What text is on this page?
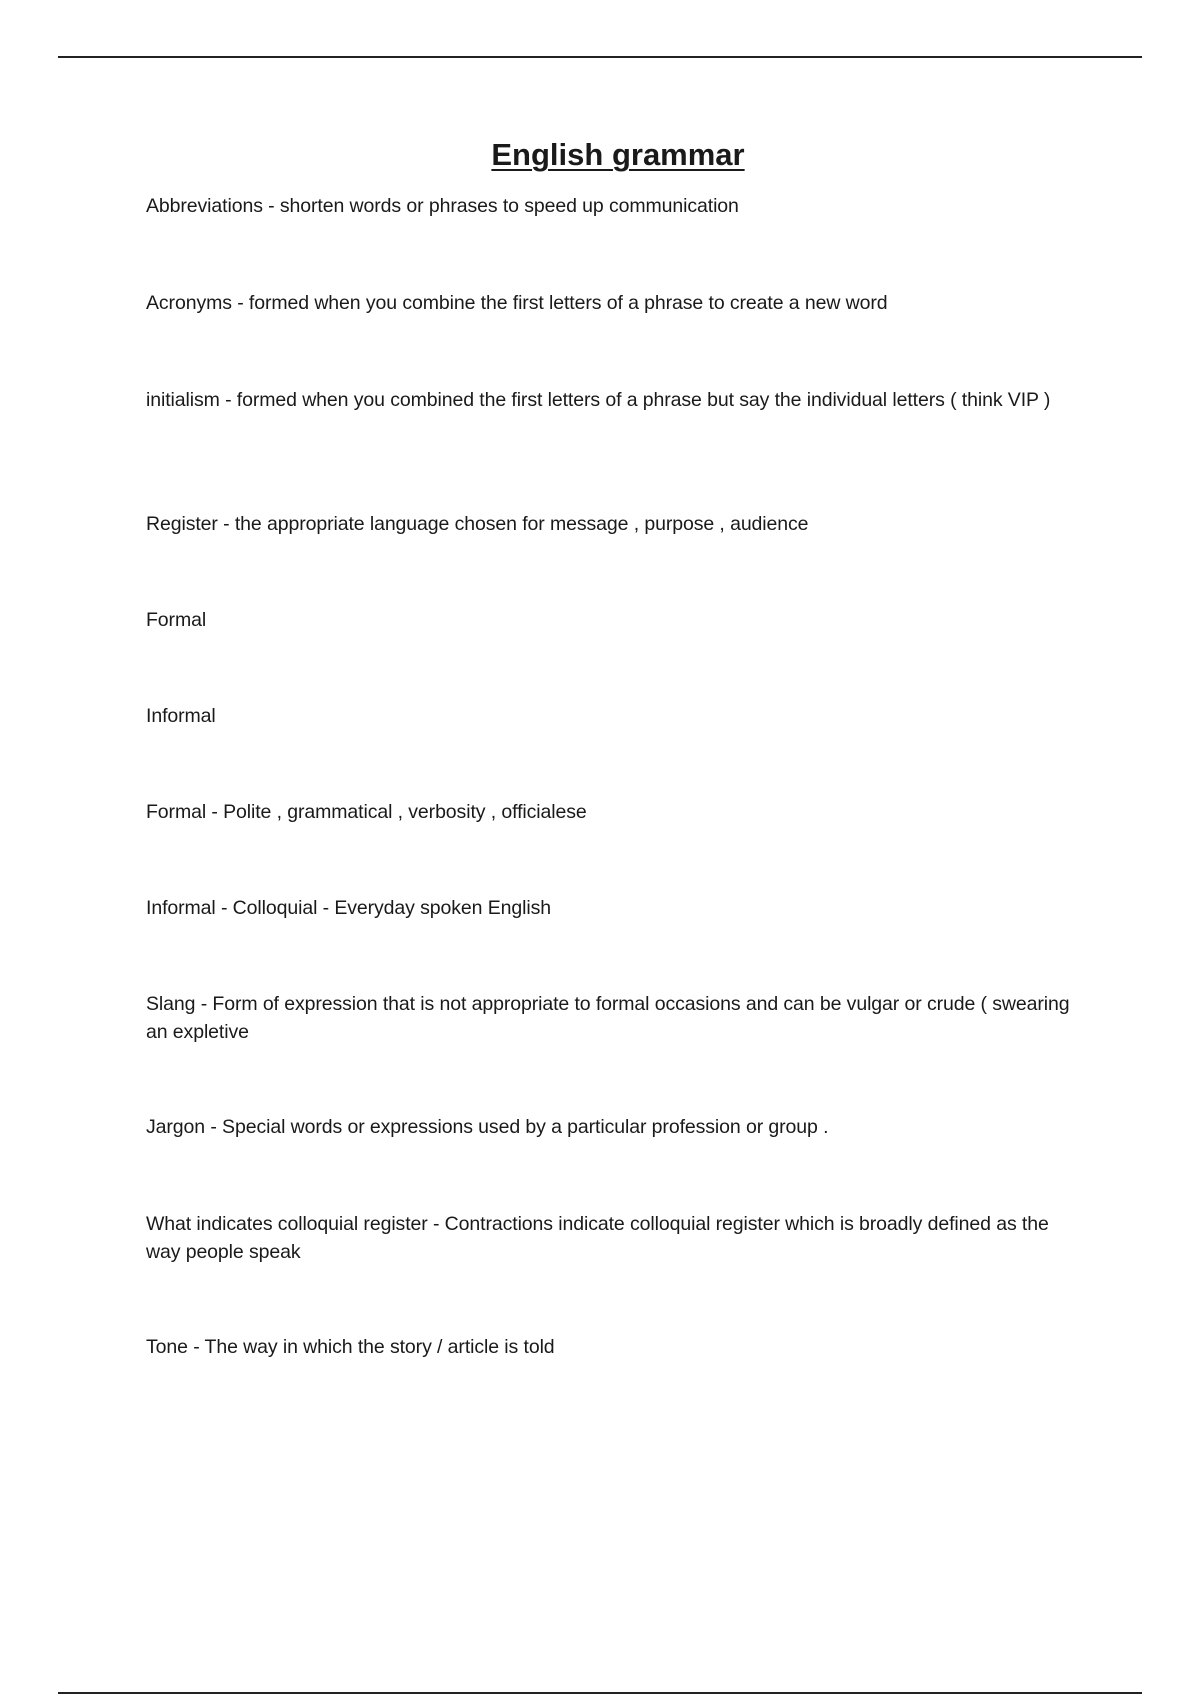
English grammar

Abbreviations - shorten words or phrases to speed up communication

Acronyms - formed when you combine the first letters of a phrase to create a new word

initialism - formed when you combined the first letters of a phrase but say the individual letters ( think VIP )

Register - the appropriate language chosen for message , purpose , audience

Formal

Informal

Formal - Polite , grammatical , verbosity , officialese

Informal - Colloquial - Everyday spoken English

Slang - Form of expression that is not appropriate to formal occasions and can be vulgar or crude ( swearing an expletive

Jargon - Special words or expressions used by a particular profession or group .

What indicates colloquial register - Contractions indicate colloquial register which is broadly defined as the way people speak

Tone - The way in which the story / article is told
